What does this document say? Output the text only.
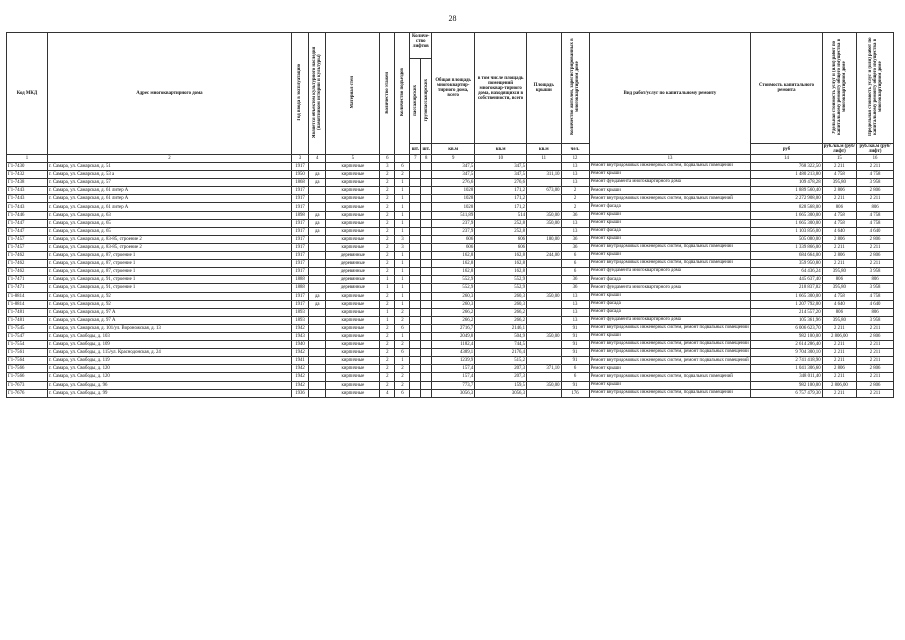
28
Код МКД	Адрес многоквартирного дома	Год ввода в эксплуатацию	Является объектом культурного наследия (памятником истории и культуры)	Материал стен	Количество этажей	Количество подъездов	Количе-ство лифтов
пассажирских грузопассажирских		Общая площадь многоквартир-тирного дома, всего	в том числе площадь помещений многоквар-тирного дома, находящихся в собственности, всего	Площадь крыши	Количество жителей, зарегистрированных в многоквартирном доме	Вид работ/услуг по капитальному ремонту	Стоимость капитального ремонта	Удельная стоимость услуг и (или) работ по капитальному ремонту общего имущества в многоквартирном доме	Предельная стоимость услуг и (или) работ по капитальному ремонту общего имущества в многоквартирном доме
							шт.	шт.	кв.м	кв.м	кв.м	чел.		руб	руб./кв.м (руб/лифт)	руб./кв.м (руб/лифт)
1	2	3	4	5	6		7	8	9	10	11	12	13	14	15	16
Г1-7430	г. Самара, ул. Самарская, д. 51	1917		кирпичные	3	6			347,5	347,5		13	Ремонт внутридомовых инженерных систем, подвальных помещений	768 322,50	2 211	2 211
Г1-7432	г. Самара, ул. Самарская, д. 53 а	1950	да	кирпичные	2	2			347,5	347,5	311,10	13	Ремонт крыши	1 480 213,80	4 758	4 758
Г1-7438	г. Самара, ул. Самарская, д. 57	1868	да	кирпичные	2	1			276,6	276,6		13	Ремонт фундамента многоквартирного дома	109 478,28	395,80	3 958
Г1-7443	г. Самара, ул. Самарская, д. 61 литер А	1917		кирпичные	2	1			1028	171,2	673,00	2	Ремонт крыши	1 889 560,40	2 806	2 806
Г1-7443	г. Самара, ул. Самарская, д. 61 литер А	1917		кирпичные	2	1			1028	171,2		2	Ремонт внутридомовых инженерных систем, подвальных помещений	2 272 908,00	2 211	2 211
Г1-7443	г. Самара, ул. Самарская, д. 61 литер А	1917		кирпичные	2	1			1028	171,2		2	Ремонт фасада	828 568,00	806	806
Г1-7446	г. Самара, ул. Самарская, д. 63	1898	да	кирпичные	2	1			511,89	514	350,00	36	Ремонт крыши	1 665 300,00	4 758	4 758
Г1-7447	г. Самара, ул. Самарская, д. 65	1917	да	кирпичные	2	1			237,9	252,8	350,00	13	Ремонт крыши	1 665 300,00	4 758	4 758
Г1-7447	г. Самара, ул. Самарская, д. 65	1917	да	кирпичные	2	1			237,9	252,8		13	Ремонт фасада	1 103 856,00	4 640	4 640
Г1-7457	г. Самара, ул. Самарская, д. 83-85, строение 2	1917		кирпичные	2	3			606	606	180,00	36	Ремонт крыши	505 080,00	2 806	2 806
Г1-7457	г. Самара, ул. Самарская, д. 83-85, строение 2	1917		кирпичные	2	3			606	606		36	Ремонт внутридомовых инженерных систем, подвальных помещений	1 339 866,00	2 211	2 211
Г1-7462	г. Самара, ул. Самарская, д. 87, строение 1	1917		деревянные	2	1			162,8	162,8	244,00	6	Ремонт крыши	684 664,00	2 806	2 806
Г1-7462	г. Самара, ул. Самарская, д. 87, строение 1	1917		деревянные	2	1			162,8	162,8		6	Ремонт внутридомовых инженерных систем, подвальных помещений	359 950,80	2 211	2 211
Г1-7462	г. Самара, ул. Самарская, д. 87, строение 1	1917		деревянные	2	1			162,8	162,8		6	Ремонт фундамента многоквартирного дома	64 436,24	395,80	3 958
Г1-7471	г. Самара, ул. Самарская, д. 91, строение 1	1888		деревянные	1	1			552,9	552,9		36	Ремонт фасада	445 637,40	806	806
Г1-7471	г. Самара, ул. Самарская, д. 91, строение 1	1888		деревянные	1	1			552,9	552,9		36	Ремонт фундамента многоквартирного дома	218 837,82	395,80	3 958
Г1-8814	г. Самара, ул. Самарская, д. 92	1917	да	кирпичные	2	1			260,3	260,3	350,00	13	Ремонт крыши	1 665 300,00	4 758	4 758
Г1-8814	г. Самара, ул. Самарская, д. 92	1917	да	кирпичные	2	1			260,3	260,3		13	Ремонт фасада	1 207 792,00	4 640	4 640
Г1-7481	г. Самара, ул. Самарская, д. 97 А	1893		кирпичные	1	2			266,2	266,2		13	Ремонт фасада	214 557,20	806	806
Г1-7481	г. Самара, ул. Самарская, д. 97 А	1893		кирпичные	1	2			266,2	266,2		13	Ремонт фундамента многоквартирного дома	105 361,96	395,80	3 958
Г1-7545	г. Самара, ул. Самарская, д. 101/ул. Вороножская, д. 13	1942		кирпичные	2	6			2716,7	2146,1		91	Ремонт внутридомовых инженерных систем, ремонт подвальных помещений	6 006 623,70	2 211	2 211
Г1-7547	г. Самара, ул. Свободы, д. 103	1943		кирпичные	2	1			2049,8	504,9	350,00	91	Ремонт крыши	982 100,00	2 806,00	2 806
Г1-7554	г. Самара, ул. Свободы, д. 109	1940		кирпичные	2	2			1182,4	744,5		91	Ремонт внутридомовых инженерных систем, ремонт подвальных помещений	2 614 286,40	2 211	2 211
Г1-7561	г. Самара, ул. Свободы, д. 115/ул. Краснодонская, д. 24	1942		кирпичные	2	6			4389,1	2176,4		91	Ремонт внутридомовых инженерных систем, ремонт подвальных помещений	9 704 300,10	2 211	2 211
Г1-7564	г. Самара, ул. Свободы, д. 119	1941		кирпичные	2	1			1239,9	515,2		91	Ремонт внутридомовых инженерных систем, ремонт подвальных помещений	2 741 418,90	2 211	2 211
Г1-7566	г. Самара, ул. Свободы, д. 120	1942		кирпичные	2	2			157,4	207,3	371,10	6	Ремонт крыши	1 041 306,60	2 806	2 806
Г1-7566	г. Самара, ул. Свободы, д. 120	1942		кирпичные	2	2			157,4	207,3		6	Ремонт внутридомовых инженерных систем, подвальных помещений	348 011,40	2 211	2 211
Г1-7673	г. Самара, ул. Свободы, д. 96	1942		кирпичные	2	2			773,7	159,5	350,00	91	Ремонт крыши	982 100,00	2 806,00	2 806
Г1-7676	г. Самара, ул. Свободы, д. 99	1936		кирпичные	4	6			3056,3	3056,3		176	Ремонт внутридомовых инженерных систем, подвальных помещений	6 757 479,30	2 211	2 211
